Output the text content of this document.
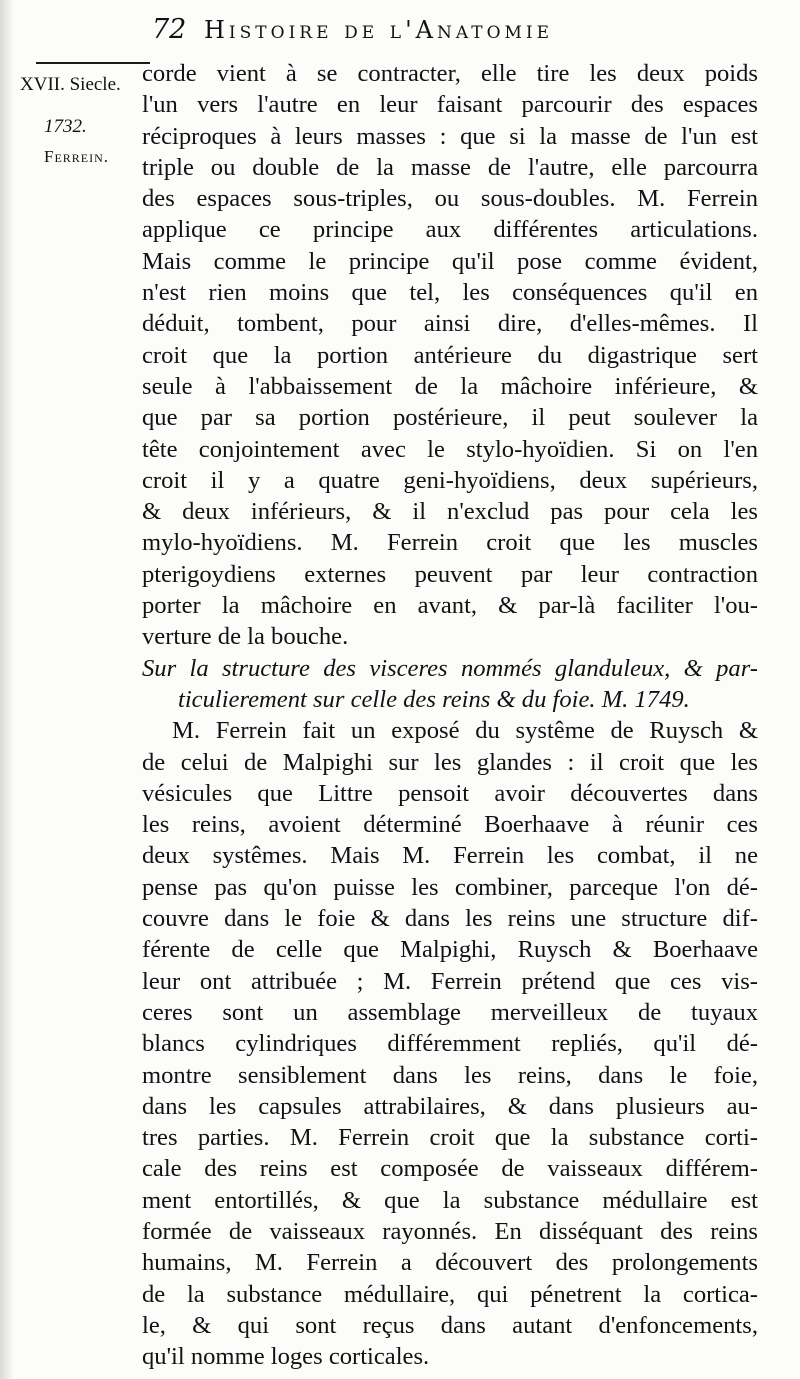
72 Histoire de l'Anatomie
XVII. Siecle.
1732.
Ferrein.
corde vient à se contracter, elle tire les deux poids
l'un vers l'autre en leur faisant parcourir des espaces
réciproques à leurs masses : que si la masse de l'un est
triple ou double de la masse de l'autre, elle parcourra
des espaces sous-triples, ou sous-doubles. M. Ferrein
applique ce principe aux différentes articulations.
Mais comme le principe qu'il pose comme évident,
n'est rien moins que tel, les conséquences qu'il en
déduit, tombent, pour ainsi dire, d'elles-mêmes. Il
croit que la portion antérieure du digastrique sert
seule à l'abbaissement de la mâchoire inférieure, &
que par sa portion postérieure, il peut soulever la
tête conjointement avec le stylo-hyoïdien. Si on l'en
croit il y a quatre geni-hyoïdiens, deux supérieurs,
& deux inférieurs, & il n'exclud pas pour cela les
mylo-hyoïdiens. M. Ferrein croit que les muscles
pterigoydiens externes peuvent par leur contraction
porter la mâchoire en avant, & par-là faciliter l'ou-
verture de la bouche.
Sur la structure des visceres nommés glanduleux, & par-
ticulierement sur celle des reins & du foie. M. 1749.
M. Ferrein fait un exposé du systême de Ruysch &
de celui de Malpighi sur les glandes : il croit que les
vésicules que Littre pensoit avoir découvertes dans
les reins, avoient déterminé Boerhaave à réunir ces
deux systêmes. Mais M. Ferrein les combat, il ne
pense pas qu'on puisse les combiner, parceque l'on dé-
couvre dans le foie & dans les reins une structure dif-
férente de celle que Malpighi, Ruysch & Boerhaave
leur ont attribuée ; M. Ferrein prétend que ces vis-
ceres sont un assemblage merveilleux de tuyaux
blancs cylindriques différemment repliés, qu'il dé-
montre sensiblement dans les reins, dans le foie,
dans les capsules attrabilaires, & dans plusieurs au-
tres parties. M. Ferrein croit que la substance corti-
cale des reins est composée de vaisseaux différem-
ment entortillés, & que la substance médullaire est
formée de vaisseaux rayonnés. En disséquant des reins
humains, M. Ferrein a découvert des prolongements
de la substance médullaire, qui pénetrent la cortica-
le, & qui sont reçus dans autant d'enfoncements,
qu'il nomme loges corticales.
